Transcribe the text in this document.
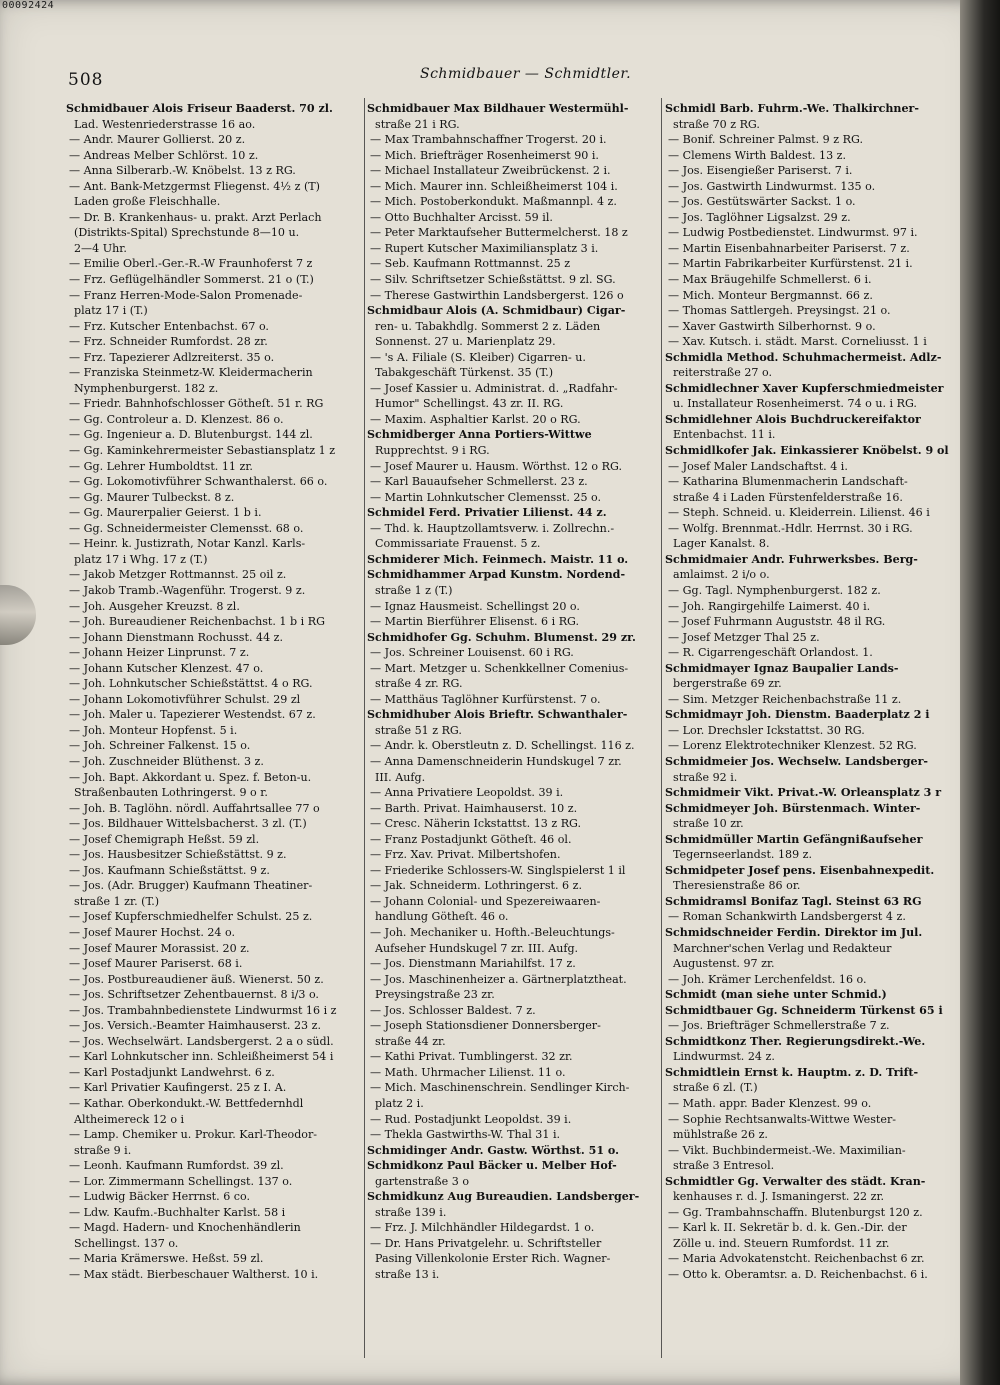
00092424
508	Schmidbauer — Schmidtler.
Schmidbauer Alois Friseur Baaderst. 70 zl.
Lad. Westenriederstrasse 16 ao.
— Andr. Maurer Gollierst. 20 z.
— Andreas Melber Schlörst. 10 z.
— Anna Silberarb.-W. Knöbelst. 13 z RG.
— Ant. Bank-Metzgermst Fliegenst. 4½ z (T)
Laden große Fleischhalle.
— Dr. B. Krankenhaus- u. prakt. Arzt Perlach
(Distrikts-Spital) Sprechstunde 8—10 u.
2—4 Uhr.
— Emilie Oberl.-Ger.-R.-W Fraunhoferst 7 z
— Frz. Geflügelhändler Sommerst. 21 o (T.)
— Franz Herren-Mode-Salon Promenade-
platz 17 i (T.)
— Frz. Kutscher Entenbachst. 67 o.
— Frz. Schneider Rumfordst. 28 zr.
— Frz. Tapezierer Adlzreiterst. 35 o.
— Franziska Steinmetz-W. Kleidermacherin
Nymphenburgerst. 182 z.
— Friedr. Bahnhofschlosser Götheſt. 51 r. RG
— Gg. Controleur a. D. Klenzest. 86 o.
— Gg. Ingenieur a. D. Blutenburgst. 144 zl.
— Gg. Kaminkehrermeister Sebastiansplatz 1 z
— Gg. Lehrer Humboldtst. 11 zr.
— Gg. Lokomotivführer Schwanthalerst. 66 o.
— Gg. Maurer Tulbeckst. 8 z.
— Gg. Maurerpalier Geierst. 1 b i.
— Gg. Schneidermeister Clemensst. 68 o.
— Heinr. k. Justizrath, Notar Kanzl. Karls-
platz 17 i Whg. 17 z (T.)
— Jakob Metzger Rottmannst. 25 oil z.
— Jakob Tramb.-Wagenführ. Trogerst. 9 z.
— Joh. Ausgeher Kreuzst. 8 zl.
— Joh. Bureaudiener Reichenbachst. 1 b i RG
— Johann Dienstmann Rochusst. 44 z.
— Johann Heizer Linprunst. 7 z.
— Johann Kutscher Klenzest. 47 o.
— Joh. Lohnkutscher Schießstättst. 4 o RG.
— Johann Lokomotivführer Schulst. 29 zl
— Joh. Maler u. Tapezierer Westendst. 67 z.
— Joh. Monteur Hopfenst. 5 i.
— Joh. Schreiner Falkenst. 15 o.
— Joh. Zuschneider Blüthenst. 3 z.
— Joh. Bapt. Akkordant u. Spez. f. Beton-u.
Straßenbauten Lothringerst. 9 o r.
— Joh. B. Taglöhn. nördl. Auffahrtsallee 77 o
— Jos. Bildhauer Wittelsbacherst. 3 zl. (T.)
— Josef Chemigraph Heßst. 59 zl.
— Jos. Hausbesitzer Schießstättst. 9 z.
— Jos. Kaufmann Schießstättst. 9 z.
— Jos. (Adr. Brugger) Kaufmann Theatiner-
straße 1 zr. (T.)
— Josef Kupferschmiedhelfer Schulst. 25 z.
— Josef Maurer Hochst. 24 o.
— Josef Maurer Morassist. 20 z.
— Josef Maurer Pariserst. 68 i.
— Jos. Postbureaudiener äuß. Wienerst. 50 z.
— Jos. Schriftsetzer Zehentbauernst. 8 i/3 o.
— Jos. Trambahnbedienstete Lindwurmst 16 i z
— Jos. Versich.-Beamter Haimhauserst. 23 z.
— Jos. Wechselwärt. Landsbergerst. 2 a o südl.
— Karl Lohnkutscher inn. Schleißheimerst 54 i
— Karl Postadjunkt Landwehrst. 6 z.
— Karl Privatier Kaufingerst. 25 z I. A.
— Kathar. Oberkondukt.-W. Bettfedernhdl
Altheimereck 12 o i
— Lamp. Chemiker u. Prokur. Karl-Theodor-
straße 9 i.
— Leonh. Kaufmann Rumfordst. 39 zl.
— Lor. Zimmermann Schellingst. 137 o.
— Ludwig Bäcker Herrnst. 6 co.
— Ldw. Kaufm.-Buchhalter Karlst. 58 i
— Magd. Hadern- und Knochenhändlerin
Schellingst. 137 o.
— Maria Krämerswe. Heßst. 59 zl.
— Max städt. Bierbeschauer Waltherst. 10 i.
Schmidbauer Max Bildhauer Westermühl-
straße 21 i RG.
— Max Trambahnschaffner Trogerst. 20 i.
— Mich. Briefträger Rosenheimerst 90 i.
— Michael Installateur Zweibrückenst. 2 i.
— Mich. Maurer inn. Schleißheimerst 104 i.
— Mich. Postoberkondukt. Maßmannpl. 4 z.
— Otto Buchhalter Arcisst. 59 il.
— Peter Marktaufseher Buttermelcherst. 18 z
— Rupert Kutscher Maximiliansplatz 3 i.
— Seb. Kaufmann Rottmannst. 25 z
— Silv. Schriftsetzer Schießstättst. 9 zl. SG.
— Therese Gastwirthin Landsbergerst. 126 o
Schmidbaur Alois (A. Schmidbaur) Cigar-
ren- u. Tabakhdlg. Sommerst 2 z. Läden
Sonnenst. 27 u. Marienplatz 29.
— 's A. Filiale (S. Kleiber) Cigarren- u.
Tabakgeschäft Türkenst. 35 (T.)
— Josef Kassier u. Administrat. d. „Radfahr-
Humor" Schellingst. 43 zr. II. RG.
— Maxim. Asphaltier Karlst. 20 o RG.
Schmidberger Anna Portiers-Wittwe
Rupprechtst. 9 i RG.
— Josef Maurer u. Hausm. Wörthst. 12 o RG.
— Karl Bauaufseher Schmellerst. 23 z.
— Martin Lohnkutscher Clemensst. 25 o.
Schmidel Ferd. Privatier Lilienst. 44 z.
— Thd. k. Hauptzollamtsverw. i. Zollrechn.-
Commissariate Frauenst. 5 z.
Schmiderer Mich. Feinmech. Maistr. 11 o.
Schmidhammer Arpad Kunstm. Nordend-
straße 1 z (T.)
— Ignaz Hausmeist. Schellingst 20 o.
— Martin Bierführer Elisenst. 6 i RG.
Schmidhofer Gg. Schuhm. Blumenst. 29 zr.
— Jos. Schreiner Louisenst. 60 i RG.
— Mart. Metzger u. Schenkkellner Comenius-
straße 4 zr. RG.
— Matthäus Taglöhner Kurfürstenst. 7 o.
Schmidhuber Alois Brieftr. Schwanthaler-
straße 51 z RG.
— Andr. k. Oberstleutn z. D. Schellingst. 116 z.
— Anna Damenschneiderin Hundskugel 7 zr.
III. Aufg.
— Anna Privatiere Leopoldst. 39 i.
— Barth. Privat. Haimhauserst. 10 z.
— Cresc. Näherin Ickstattst. 13 z RG.
— Franz Postadjunkt Götheſt. 46 ol.
— Frz. Xav. Privat. Milbertshofen.
— Friederike Schlossers-W. Singlspielerst 1 il
— Jak. Schneiderm. Lothringerst. 6 z.
— Johann Colonial- und Spezereiwaaren-
handlung Götheſt. 46 o.
— Joh. Mechaniker u. Hofth.-Beleuchtungs-
Aufseher Hundskugel 7 zr. III. Aufg.
— Jos. Dienstmann Mariahilfst. 17 z.
— Jos. Maschinenheizer a. Gärtnerplatztheat.
Preysingstraße 23 zr.
— Jos. Schlosser Baldest. 7 z.
— Joseph Stationsdiener Donnersberger-
straße 44 zr.
— Kathi Privat. Tumblingerst. 32 zr.
— Math. Uhrmacher Lilienst. 11 o.
— Mich. Maschinenschrein. Sendlinger Kirch-
platz 2 i.
— Rud. Postadjunkt Leopoldst. 39 i.
— Theklа Gastwirths-W. Thal 31 i.
Schmidinger Andr. Gastw. Wörthst. 51 o.
Schmidkonz Paul Bäcker u. Melber Hof-
gartenstraße 3 o
Schmidkunz Aug Bureaudien. Landsberger-
straße 139 i.
— Frz. J. Milchhändler Hildegardst. 1 o.
— Dr. Hans Privatgelehr. u. Schriftsteller
Pasing Villenkolonie Erster Rich. Wagner-
straße 13 i.
Schmidl Barb. Fuhrm.-We. Thalkirchner-
straße 70 z RG.
— Bonif. Schreiner Palmst. 9 z RG.
— Clemens Wirth Baldest. 13 z.
— Jos. Eisengießer Pariserst. 7 i.
— Jos. Gastwirth Lindwurmst. 135 o.
— Jos. Gestütswärter Sackst. 1 o.
— Jos. Taglöhner Ligsalzst. 29 z.
— Ludwig Postbedienstet. Lindwurmst. 97 i.
— Martin Eisenbahnarbeiter Pariserst. 7 z.
— Martin Fabrikarbeiter Kurfürstenst. 21 i.
— Max Bräugehilfe Schmellerst. 6 i.
— Mich. Monteur Bergmannst. 66 z.
— Thomas Sattlergeh. Preysingst. 21 o.
— Xaver Gastwirth Silberhornst. 9 o.
— Xav. Kutsch. i. städt. Marst. Corneliusst. 1 i
Schmidla Method. Schuhmachermeist. Adlz-
reiterstraße 27 o.
Schmidlechner Xaver Kupferschmiedmeister
u. Installateur Rosenheimerst. 74 o u. i RG.
Schmidlehner Alois Buchdruckereifaktor
Entenbachst. 11 i.
Schmidlkofer Jak. Einkassierer Knöbelst. 9 ol
— Josef Maler Landschaftst. 4 i.
— Katharina Blumenmacherin Landschaft-
straße 4 i Laden Fürstenfelderstraße 16.
— Steph. Schneid. u. Kleiderrein. Lilienst. 46 i
— Wolfg. Brennmat.-Hdlr. Herrnst. 30 i RG.
Lager Kanalst. 8.
Schmidmaier Andr. Fuhrwerksbes. Berg-
amlaimst. 2 i/o o.
— Gg. Tagl. Nymphenburgerst. 182 z.
— Joh. Rangirgehilfe Laimerst. 40 i.
— Josef Fuhrmann Auguststr. 48 il RG.
— Josef Metzger Thal 25 z.
— R. Cigarrengeschäft Orlandost. 1.
Schmidmayer Ignaz Baupalier Lands-
bergerstraße 69 zr.
— Sim. Metzger Reichenbachstraße 11 z.
Schmidmayr Joh. Dienstm. Baaderplatz 2 i
— Lor. Drechsler Ickstattst. 30 RG.
— Lorenz Elektrotechniker Klenzest. 52 RG.
Schmidmeier Jos. Wechselw. Landsberger-
straße 92 i.
Schmidmeir Vikt. Privat.-W. Orleansplatz 3 r
Schmidmeyer Joh. Bürstenmach. Winter-
straße 10 zr.
Schmidmüller Martin Gefängnißaufseher
Tegernseerlandst. 189 z.
Schmidpeter Josef pens. Eisenbahnexpedit.
Theresienstraße 86 or.
Schmidramsl Bonifaz Tagl. Steinst 63 RG
— Roman Schankwirth Landsbergerst 4 z.
Schmidschneider Ferdin. Direktor im Jul.
Marchner'schen Verlag und Redakteur
Augustenst. 97 zr.
— Joh. Krämer Lerchenfeldst. 16 o.
Schmidt (man siehe unter Schmid.)
Schmidtbauer Gg. Schneiderm Türkenst 65 i
— Jos. Briefträger Schmellerstraße 7 z.
Schmidtkonz Ther. Regierungsdirekt.-We.
Lindwurmst. 24 z.
Schmidtlein Ernst k. Hauptm. z. D. Trift-
straße 6 zl. (T.)
— Math. appr. Bader Klenzest. 99 o.
— Sophie Rechtsanwalts-Wittwe Wester-
mühlstraße 26 z.
— Vikt. Buchbindermeist.-We. Maximilian-
straße 3 Entresol.
Schmidtler Gg. Verwalter des städt. Kran-
kenhauses r. d. J. Ismaningerst. 22 zr.
— Gg. Trambahnschaffn. Blutenburgst 120 z.
— Karl k. II. Sekretär b. d. k. Gen.-Dir. der
Zölle u. ind. Steuern Rumfordst. 11 zr.
— Maria Advokatenstcht. Reichenbachst 6 zr.
— Otto k. Oberamtsr. a. D. Reichenbachst. 6 i.
